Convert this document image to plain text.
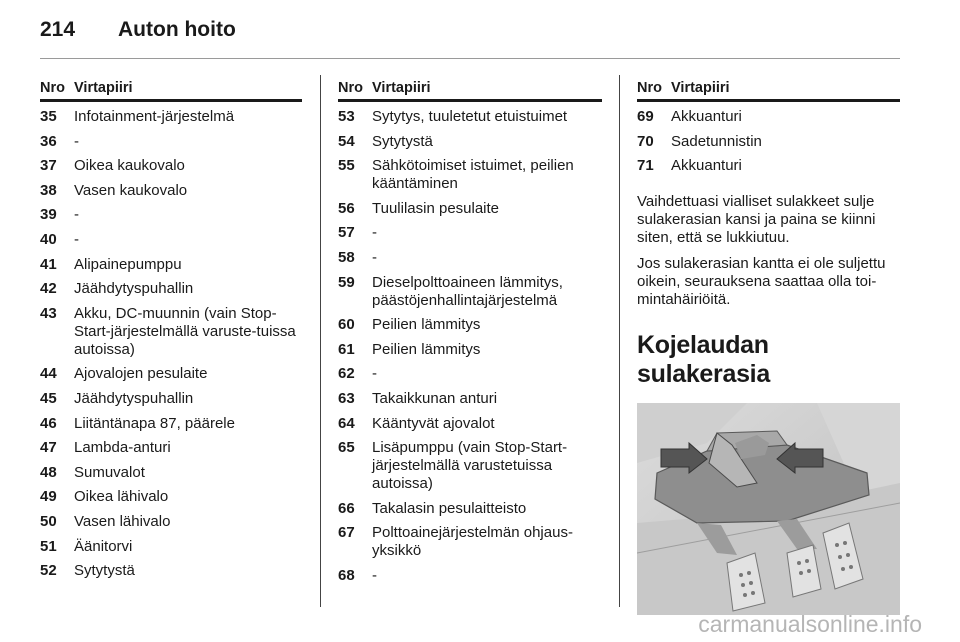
214 Auton hoito
Nro Virtapiiri
35	Infotainment-järjestelmä
36	-
37	Oikea kaukovalo
38	Vasen kaukovalo
39	-
40	-
41	Alipainepumppu
42	Jäähdytyspuhallin
43	Akku, DC-muunnin (vain Stop-Start-järjestelmällä varuste-tuissa autoissa)
44	Ajovalojen pesulaite
45	Jäähdytyspuhallin
46	Liitäntänapa 87, päärele
47	Lambda-anturi
48	Sumuvalot
49	Oikea lähivalo
50	Vasen lähivalo
51	Äänitorvi
52	Sytytystä
Nro Virtapiiri
53	Sytytys, tuuletetut etuistuimet
54	Sytytystä
55	Sähkötoimiset istuimet, peilien kääntäminen
56	Tuulilasin pesulaite
57	-
58	-
59	Dieselpolttoaineen lämmitys, päästöjenhallintajärjestelmä
60	Peilien lämmitys
61	Peilien lämmitys
62	-
63	Takaikkunan anturi
64	Kääntyvät ajovalot
65	Lisäpumppu (vain Stop-Start-järjestelmällä varustetuissa autoissa)
66	Takalasin pesulaitteisto
67	Polttoainejärjestelmän ohjaus-yksikkö
68	-
Nro Virtapiiri
69	Akkuanturi
70	Sadetunnistin
71	Akkuanturi

Vaihdettuasi vialliset sulakkeet sulje sulakerasian kansi ja paina se kiinni siten, että se lukkiutuu.

Jos sulakerasian kantta ei ole suljettu oikein, seurauksena saattaa olla toi-mintahäiriöitä.

Kojelaudan sulakerasia
carmanualsonline.info
